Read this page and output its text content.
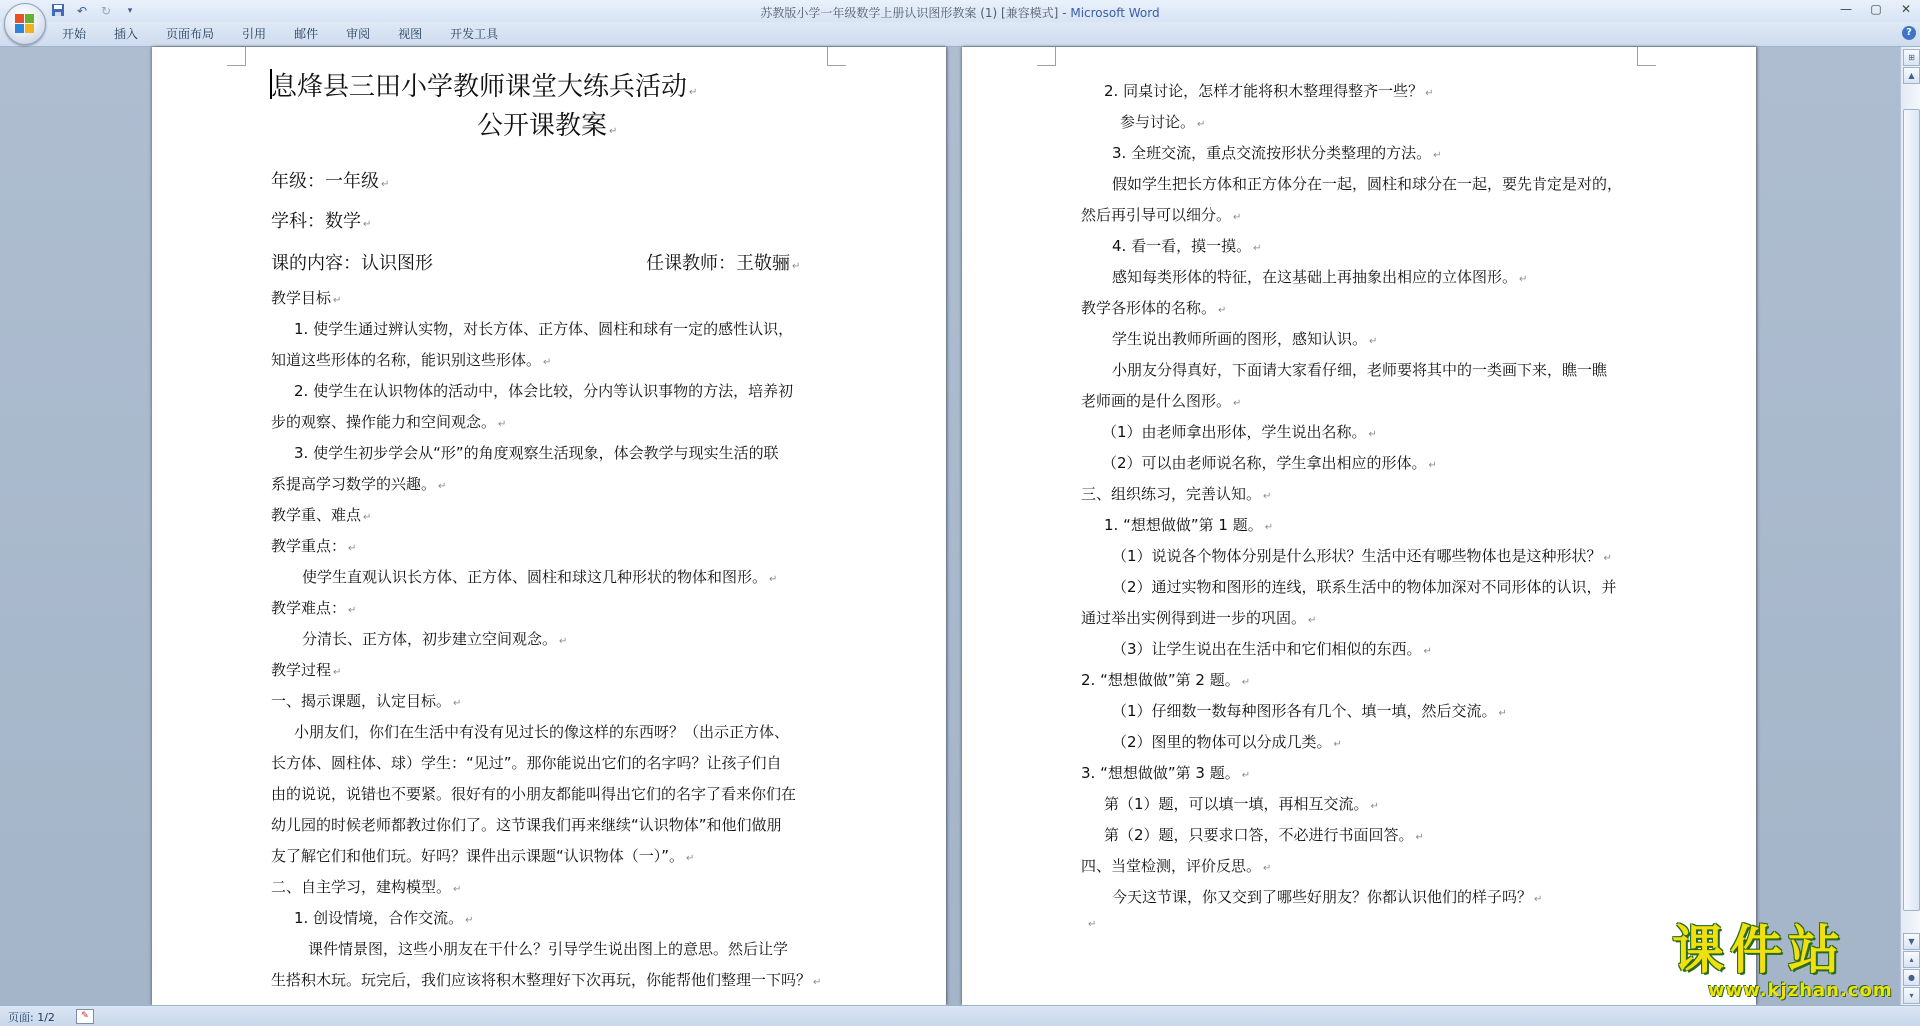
↶ ↻	▾	苏教版小学一年级数学上册认识图形教案 (1) [兼容模式] - Microsoft Word	— ▢ ✕
开始	插入	页面布局	引用	邮件	审阅	视图	开发工具	?
息烽县三田小学教师课堂大练兵活动 ↵
公开课教案 ↵
年级：一年级 ↵
学科：数学 ↵
课的内容：认识图形	任课教师：王敬骊 ↵
教学目标 ↵
1. 使学生通过辨认实物，对长方体、正方体、圆柱和球有一定的感性认识，
知道这些形体的名称，能识别这些形体。 ↵
2. 使学生在认识物体的活动中，体会比较，分内等认识事物的方法，培养初
步的观察、操作能力和空间观念。 ↵
3. 使学生初步学会从“形”的角度观察生活现象，体会教学与现实生活的联
系提高学习数学的兴趣。 ↵
教学重、难点 ↵
教学重点： ↵
使学生直观认识长方体、正方体、圆柱和球这几种形状的物体和图形。 ↵
教学难点： ↵
分清长、正方体，初步建立空间观念。 ↵
教学过程 ↵
一、揭示课题，认定目标。 ↵
小朋友们，你们在生活中有没有见过长的像这样的东西呀？（出示正方体、
长方体、圆柱体、球）学生：“见过”。那你能说出它们的名字吗？让孩子们自
由的说说，说错也不要紧。很好有的小朋友都能叫得出它们的名字了看来你们在
幼儿园的时候老师都教过你们了。这节课我们再来继续“认识物体”和他们做朋
友了解它们和他们玩。好吗？课件出示课题“认识物体（一）”。 ↵
二、自主学习，建构模型。 ↵
1. 创设情境，合作交流。 ↵
课件情景图，这些小朋友在干什么？引导学生说出图上的意思。然后让学
生搭积木玩。玩完后，我们应该将积木整理好下次再玩，你能帮他们整理一下吗？ ↵
2. 同桌讨论，怎样才能将积木整理得整齐一些？ ↵
参与讨论。 ↵
3. 全班交流，重点交流按形状分类整理的方法。 ↵
假如学生把长方体和正方体分在一起，圆柱和球分在一起，要先肯定是对的，
然后再引导可以细分。 ↵
4. 看一看，摸一摸。 ↵
感知每类形体的特征，在这基础上再抽象出相应的立体图形。 ↵
教学各形体的名称。 ↵
学生说出教师所画的图形，感知认识。 ↵
小朋友分得真好，下面请大家看仔细，老师要将其中的一类画下来，瞧一瞧
老师画的是什么图形。 ↵
（1）由老师拿出形体，学生说出名称。 ↵
（2）可以由老师说名称，学生拿出相应的形体。 ↵
三、组织练习，完善认知。 ↵
1. “想想做做”第 1 题。 ↵
（1）说说各个物体分别是什么形状？生活中还有哪些物体也是这种形状？ ↵
（2）通过实物和图形的连线，联系生活中的物体加深对不同形体的认识，并
通过举出实例得到进一步的巩固。 ↵
（3）让学生说出在生活中和它们相似的东西。 ↵
2. “想想做做”第 2 题。 ↵
（1）仔细数一数每种图形各有几个、填一填，然后交流。 ↵
（2）图里的物体可以分成几类。 ↵
3. “想想做做”第 3 题。 ↵
第（1）题，可以填一填，再相互交流。 ↵
第（2）题，只要求口答，不必进行书面回答。 ↵
四、当堂检测，评价反思。 ↵
今天这节课，你又交到了哪些好朋友？你都认识他们的样子吗？ ↵
↵
⊞
▲
▼
▴
●
▾
页面: 1/2	✎
课件站
www.kjzhan.com
